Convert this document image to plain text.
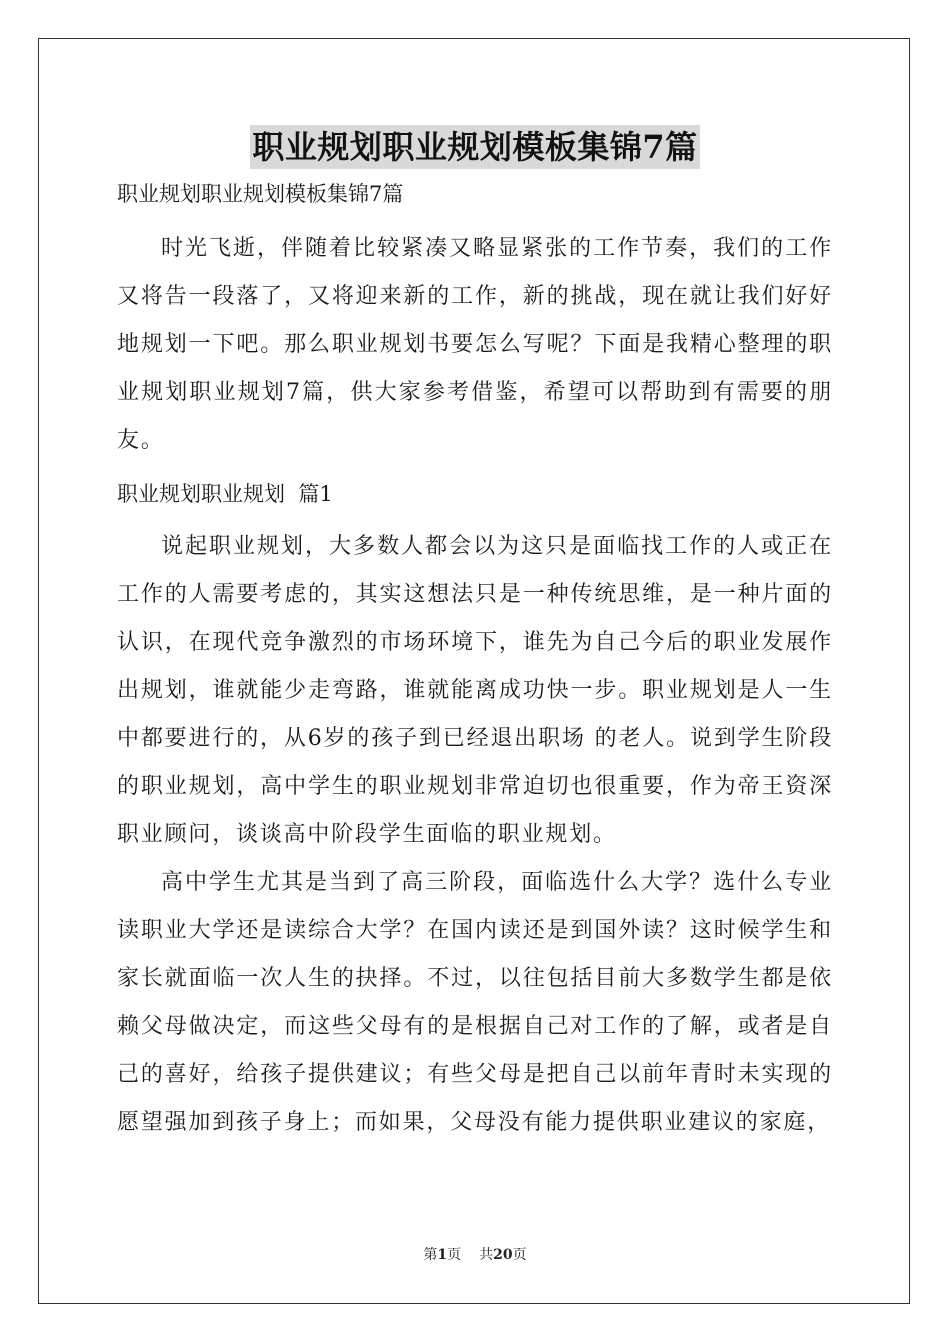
职业规划职业规划模板集锦7篇
职业规划职业规划模板集锦7篇

时光飞逝，伴随着比较紧凑又略显紧张的工作节奏，我们的工作又将告一段落了，又将迎来新的工作，新的挑战，现在就让我们好好地规划一下吧。那么职业规划书要怎么写呢？下面是我精心整理的职业规划职业规划7篇，供大家参考借鉴，希望可以帮助到有需要的朋友。

职业规划职业规划  篇1

说起职业规划，大多数人都会以为这只是面临找工作的人或正在工作的人需要考虑的，其实这想法只是一种传统思维，是一种片面的认识，在现代竞争激烈的市场环境下，谁先为自己今后的职业发展作出规划，谁就能少走弯路，谁就能离成功快一步。职业规划是人一生中都要进行的，从6岁的孩子到已经退出职场 的老人。说到学生阶段的职业规划，高中学生的职业规划非常迫切也很重要，作为帝王资深职业顾问，谈谈高中阶段学生面临的职业规划。

高中学生尤其是当到了高三阶段，面临选什么大学？选什么专业读职业大学还是读综合大学？在国内读还是到国外读？这时候学生和家长就面临一次人生的抉择。不过，以往包括目前大多数学生都是依赖父母做决定，而这些父母有的是根据自己对工作的了解，或者是自己的喜好，给孩子提供建议；有些父母是把自己以前年青时未实现的愿望强加到孩子身上；而如果，父母没有能力提供职业建议的家庭，

第1页 共20页
